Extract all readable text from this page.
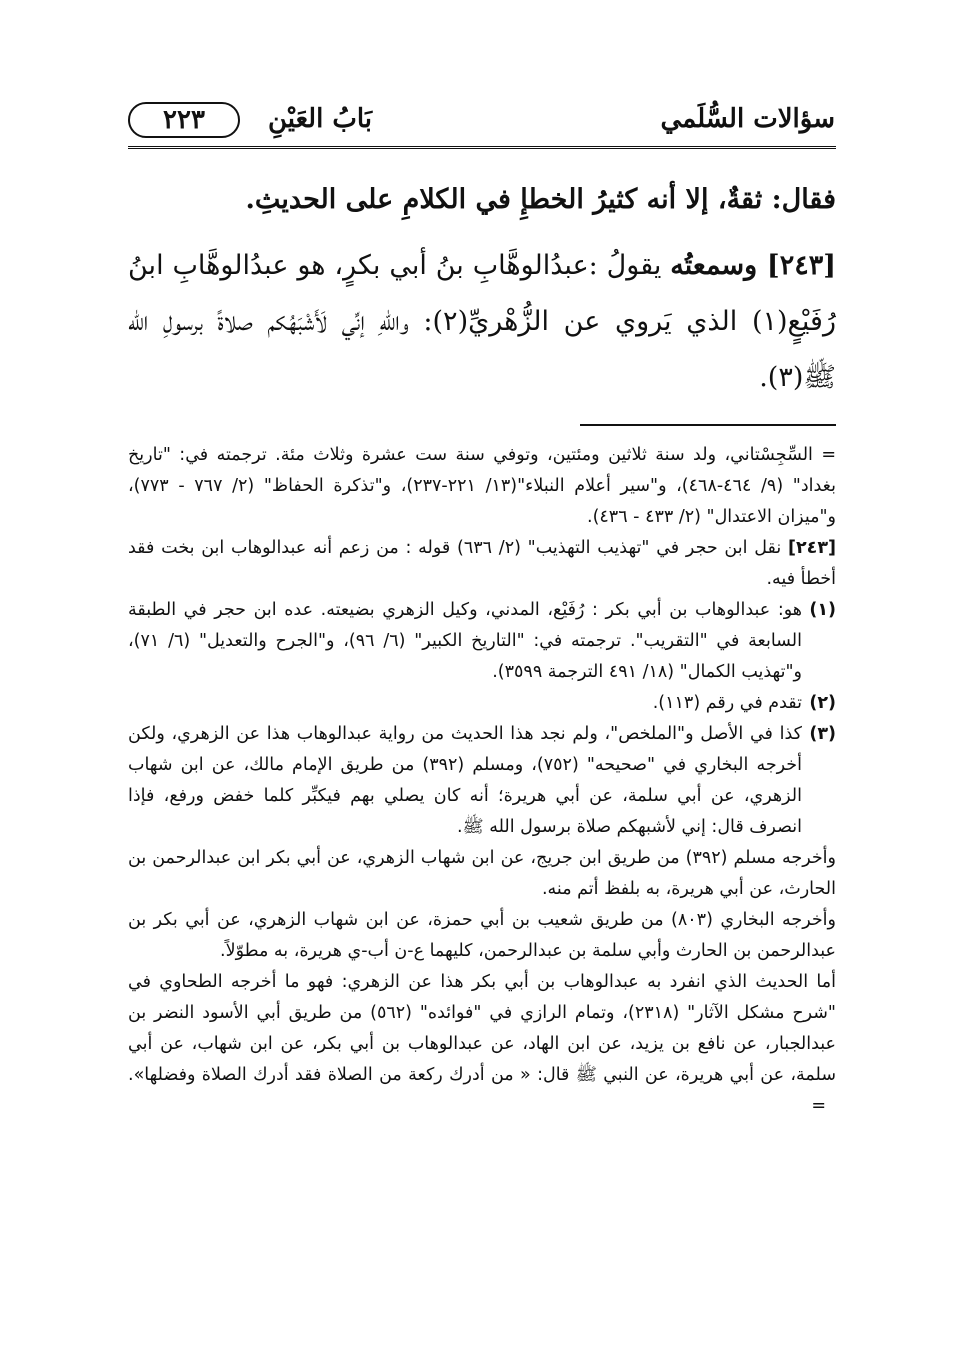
سؤالات السُّلَمي
بَابُ العَيْنِ
٢٢٣

فقال: ثقةٌ، إلا أنه كثيرُ الخطإِ في الكلامِ على الحديثِ.

[٢٤٣] وسمعتُه يقولُ :عبدُالوهَّابِ بنُ أبي بكرٍ، هو عبدُالوهَّابِ ابنُ رُفَيْعٍ(١) الذي يَروي عن الزُّهْريِّ(٢): واللهِ إنِّي لَأَشْبَهُكم صلاةً برسولِ الله ﷺ(٣).

= السِّجِسْتاني، ولد سنة ثلاثين ومئتين، وتوفي سنة ست عشرة وثلاث مئة. ترجمته في: "تاريخ بغداد" (٩/ ٤٦٤-٤٦٨)، و"سير أعلام النبلاء"(١٣/ ٢٢١-٢٣٧)، و"تذكرة الحفاظ" (٢/ ٧٦٧ - ٧٧٣)، و"ميزان الاعتدال" (٢/ ٤٣٣ - ٤٣٦).
[٢٤٣] نقل ابن حجر في "تهذيب التهذيب" (٢/ ٦٣٦) قوله : من زعم أنه عبدالوهاب ابن بخت فقد أخطأ فيه.
(١)
هو: عبدالوهاب بن أبي بكر : رُفَيْع، المدني، وكيل الزهري بضيعته. عده ابن حجر في الطبقة السابعة في "التقريب". ترجمته في: "التاريخ الكبير" (٦/ ٩٦)، و"الجرح والتعديل" (٦/ ٧١)، و"تهذيب الكمال" (١٨/ ٤٩١ الترجمة ٣٥٩٩).
(٢)
تقدم في رقم (١١٣).
(٣)
كذا في الأصل و"الملخص"، ولم نجد هذا الحديث من رواية عبدالوهاب هذا عن الزهري، ولكن أخرجه البخاري في "صحيحه" (٧٥٢)، ومسلم (٣٩٢) من طريق الإمام مالك، عن ابن شهاب الزهري، عن أبي سلمة، عن أبي هريرة؛ أنه كان يصلي بهم فيكبِّر كلما خفض ورفع، فإذا انصرف قال: إني لأشبهكم صلاة برسول الله ﷺ.
وأخرجه مسلم (٣٩٢) من طريق ابن جريج، عن ابن شهاب الزهري، عن أبي بكر ابن عبدالرحمن بن الحارث، عن أبي هريرة، به بلفظ أتم منه.
وأخرجه البخاري (٨٠٣) من طريق شعيب بن أبي حمزة، عن ابن شهاب الزهري، عن أبي بكر بن عبدالرحمن بن الحارث وأبي سلمة بن عبدالرحمن، كليهما ع-ن أب-ي هريرة، به مطوّلاً.
أما الحديث الذي انفرد به عبدالوهاب بن أبي بكر هذا عن الزهري: فهو ما أخرجه الطحاوي في "شرح مشكل الآثار" (٢٣١٨)، وتمام الرازي في "فوائده" (٥٦٢) من طريق أبي الأسود النضر بن عبدالجبار، عن نافع بن يزيد، عن ابن الهاد، عن عبدالوهاب بن أبي بكر، عن ابن شهاب، عن أبي سلمة، عن أبي هريرة، عن النبي ﷺ قال: « من أدرك ركعة من الصلاة فقد أدرك الصلاة وفضلها».=
